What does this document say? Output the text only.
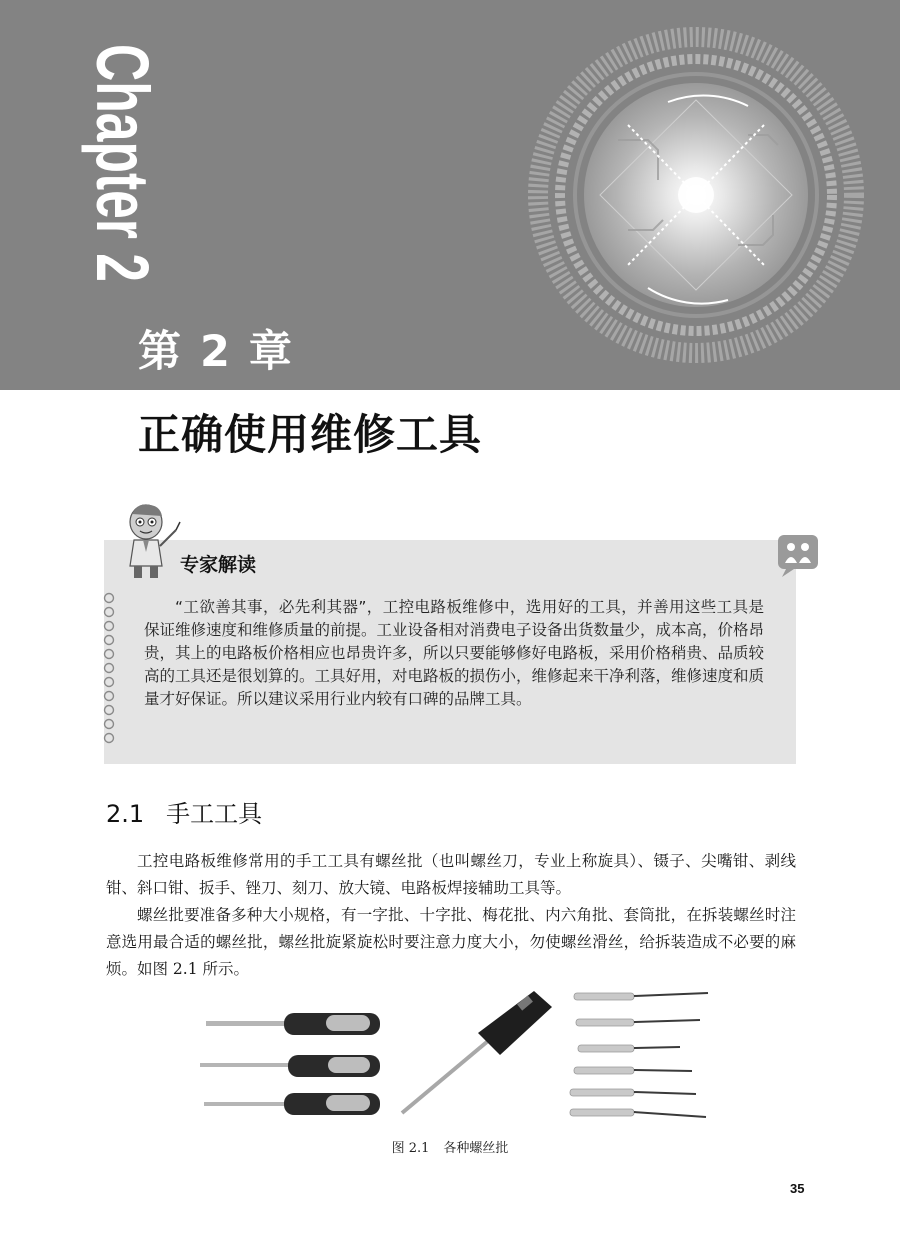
Chapter 2
第 2 章
正确使用维修工具
专家解读

“工欲善其事，必先利其器”，工控电路板维修中，选用好的工具，并善用这些工具是保证维修速度和维修质量的前提。工业设备相对消费电子设备出货数量少，成本高，价格昂贵，其上的电路板价格相应也昂贵许多，所以只要能够修好电路板，采用价格稍贵、品质较高的工具还是很划算的。工具好用，对电路板的损伤小，维修起来干净利落，维修速度和质量才好保证。所以建议采用行业内较有口碑的品牌工具。

2.1 手工工具

工控电路板维修常用的手工工具有螺丝批（也叫螺丝刀，专业上称旋具）、镊子、尖嘴钳、剥线钳、斜口钳、扳手、锉刀、刻刀、放大镜、电路板焊接辅助工具等。

螺丝批要准备多种大小规格，有一字批、十字批、梅花批、内六角批、套筒批，在拆装螺丝时注意选用最合适的螺丝批，螺丝批旋紧旋松时要注意力度大小，勿使螺丝滑丝，给拆装造成不必要的麻烦。如图 2.1 所示。

图 2.1 各种螺丝批
35
